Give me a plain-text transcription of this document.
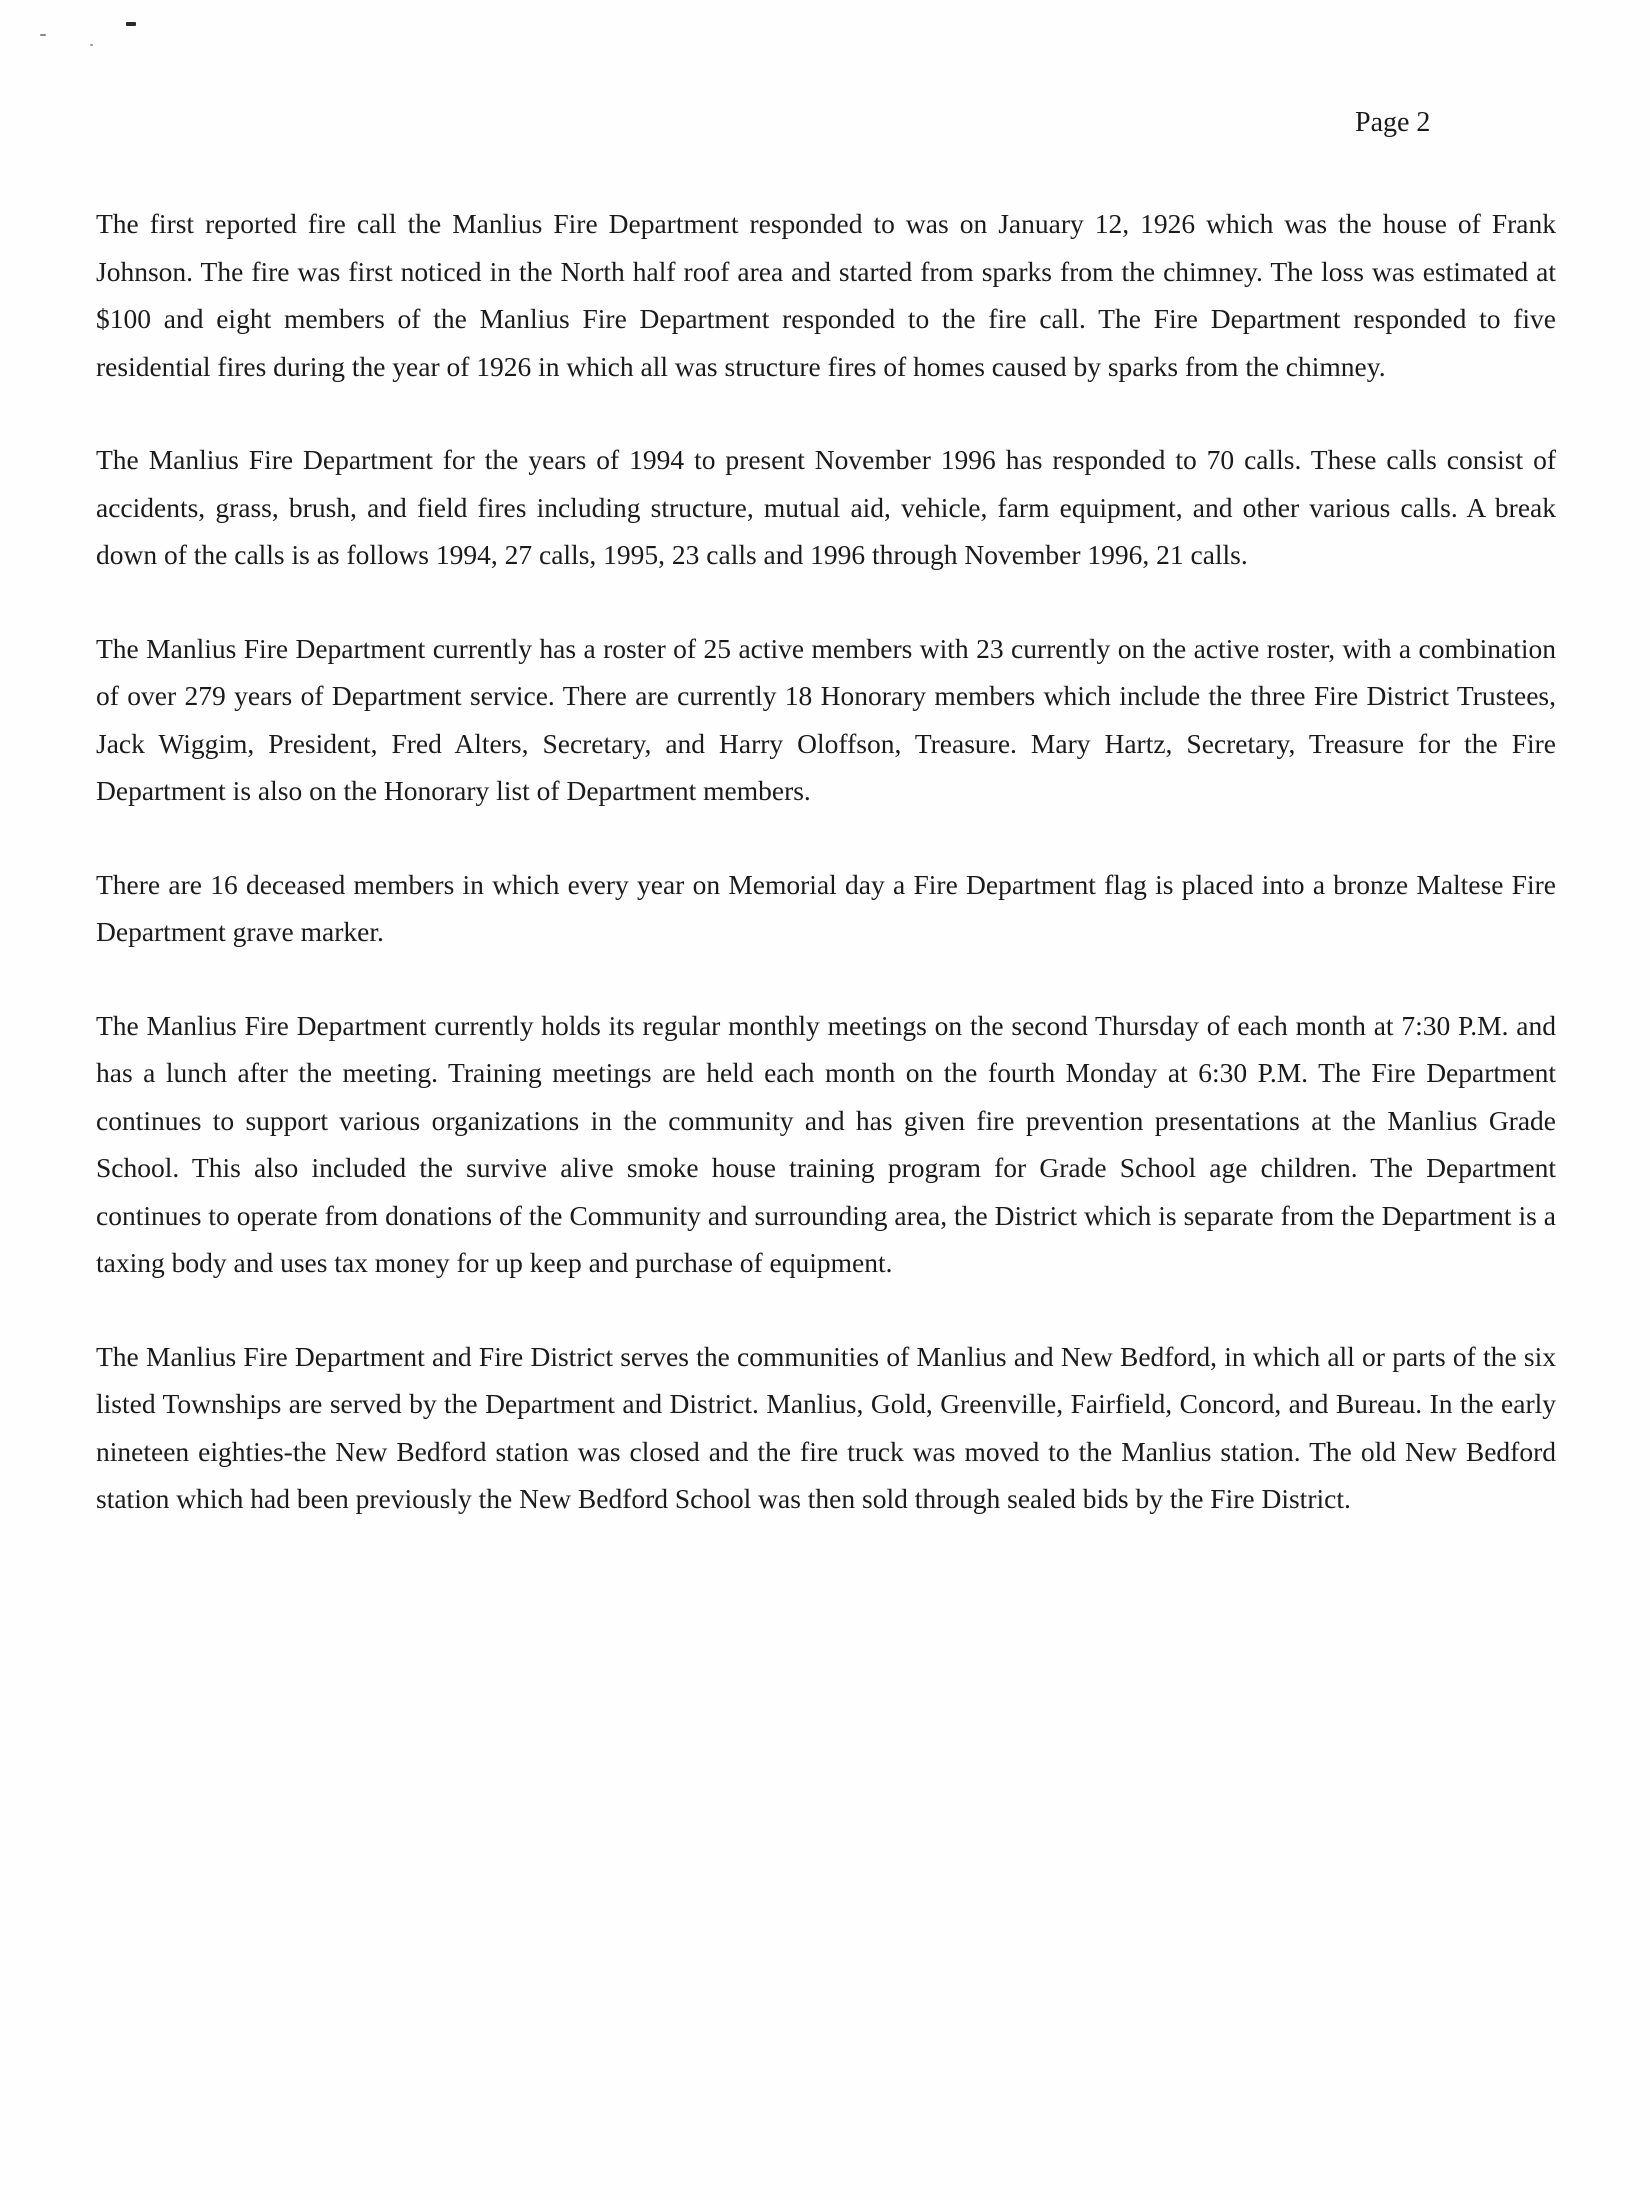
Page 2

The first reported fire call the Manlius Fire Department responded to was on January 12, 1926 which was the house of Frank Johnson. The fire was first noticed in the North half roof area and started from sparks from the chimney. The loss was estimated at $100 and eight members of the Manlius Fire Department responded to the fire call. The Fire Department responded to five residential fires during the year of 1926 in which all was structure fires of homes caused by sparks from the chimney.

The Manlius Fire Department for the years of 1994 to present November 1996 has responded to 70 calls. These calls consist of accidents, grass, brush, and field fires including structure, mutual aid, vehicle, farm equipment, and other various calls. A break down of the calls is as follows 1994, 27 calls, 1995, 23 calls and 1996 through November 1996, 21 calls.

The Manlius Fire Department currently has a roster of 25 active members with 23 currently on the active roster, with a combination of over 279 years of Department service. There are currently 18 Honorary members which include the three Fire District Trustees, Jack Wiggim, President, Fred Alters, Secretary, and Harry Oloffson, Treasure. Mary Hartz, Secretary, Treasure for the Fire Department is also on the Honorary list of Department members.

There are 16 deceased members in which every year on Memorial day a Fire Department flag is placed into a bronze Maltese Fire Department grave marker.

The Manlius Fire Department currently holds its regular monthly meetings on the second Thursday of each month at 7:30 P.M. and has a lunch after the meeting. Training meetings are held each month on the fourth Monday at 6:30 P.M. The Fire Department continues to support various organizations in the community and has given fire prevention presentations at the Manlius Grade School. This also included the survive alive smoke house training program for Grade School age children. The Department continues to operate from donations of the Community and surrounding area, the District which is separate from the Department is a taxing body and uses tax money for up keep and purchase of equipment.

The Manlius Fire Department and Fire District serves the communities of Manlius and New Bedford, in which all or parts of the six listed Townships are served by the Department and District. Manlius, Gold, Greenville, Fairfield, Concord, and Bureau. In the early nineteen eighties-the New Bedford station was closed and the fire truck was moved to the Manlius station. The old New Bedford station which had been previously the New Bedford School was then sold through sealed bids by the Fire District.
